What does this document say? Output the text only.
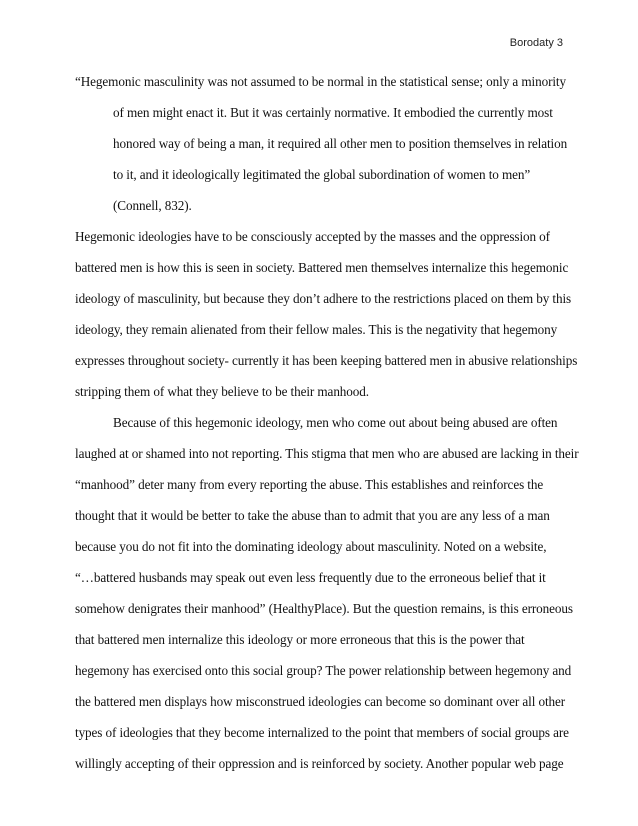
Borodaty 3
“Hegemonic masculinity was not assumed to be normal in the statistical sense; only a minority
of men might enact it. But it was certainly normative. It embodied the currently most
honored way of being a man, it required all other men to position themselves in relation
to it, and it ideologically legitimated the global subordination of women to men”
(Connell, 832).
Hegemonic ideologies have to be consciously accepted by the masses and the oppression of
battered men is how this is seen in society. Battered men themselves internalize this hegemonic
ideology of masculinity, but because they don’t adhere to the restrictions placed on them by this
ideology, they remain alienated from their fellow males. This is the negativity that hegemony
expresses throughout society- currently it has been keeping battered men in abusive relationships
stripping them of what they believe to be their manhood.
Because of this hegemonic ideology, men who come out about being abused are often
laughed at or shamed into not reporting. This stigma that men who are abused are lacking in their
“manhood” deter many from every reporting the abuse. This establishes and reinforces the
thought that it would be better to take the abuse than to admit that you are any less of a man
because you do not fit into the dominating ideology about masculinity. Noted on a website,
“…battered husbands may speak out even less frequently due to the erroneous belief that it
somehow denigrates their manhood” (HealthyPlace). But the question remains, is this erroneous
that battered men internalize this ideology or more erroneous that this is the power that
hegemony has exercised onto this social group? The power relationship between hegemony and
the battered men displays how misconstrued ideologies can become so dominant over all other
types of ideologies that they become internalized to the point that members of social groups are
willingly accepting of their oppression and is reinforced by society. Another popular web page
